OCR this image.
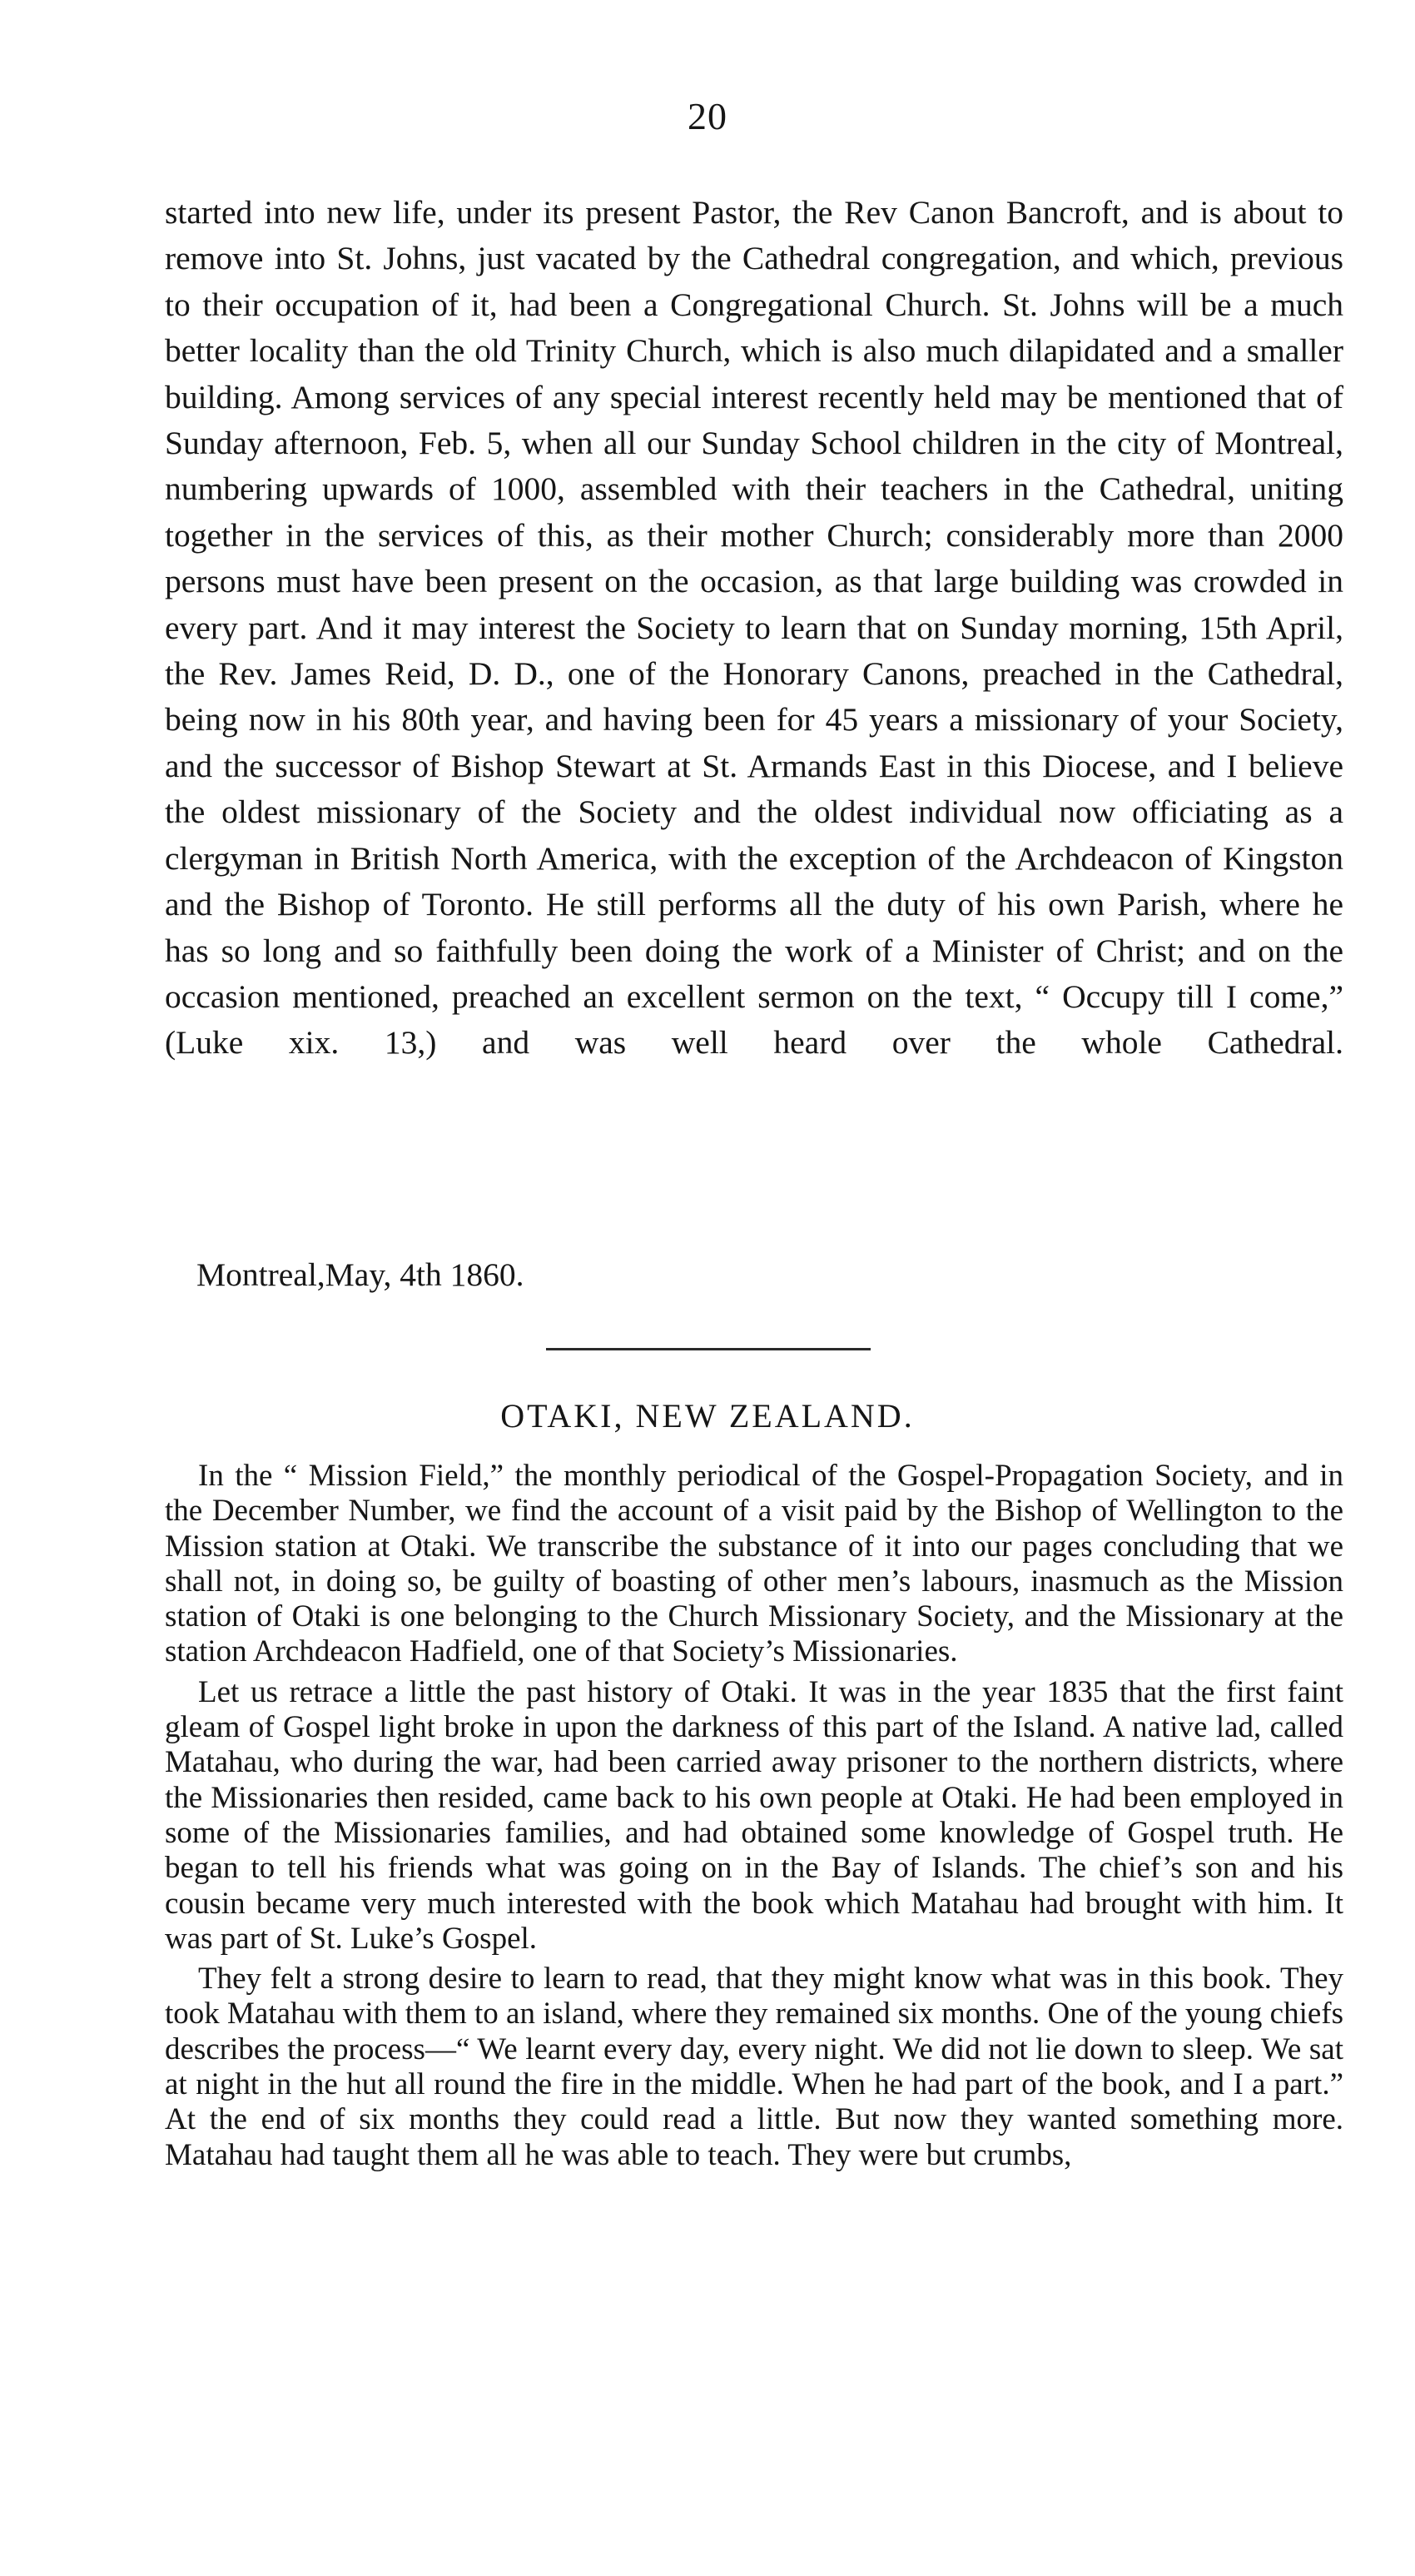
20
started into new life, under its present Pastor, the Rev Canon Bancroft, and is about to remove into St. Johns, just vacated by the Cathedral congregation, and which, previous to their occupation of it, had been a Congregational Church. St. Johns will be a much better locality than the old Trinity Church, which is also much dilapidated and a smaller building. Among services of any special interest recently held may be mentioned that of Sunday afternoon, Feb. 5, when all our Sunday School children in the city of Montreal, numbering upwards of 1000, assembled with their teachers in the Cathedral, uniting together in the services of this, as their mother Church; considerably more than 2000 persons must have been present on the occasion, as that large building was crowded in every part. And it may interest the Society to learn that on Sunday morning, 15th April, the Rev. James Reid, D. D., one of the Honorary Canons, preached in the Cathedral, being now in his 80th year, and having been for 45 years a missionary of your Society, and the successor of Bishop Stewart at St. Armands East in this Diocese, and I believe the oldest missionary of the Society and the oldest individual now officiating as a clergyman in British North America, with the exception of the Archdeacon of Kingston and the Bishop of Toronto. He still performs all the duty of his own Parish, where he has so long and so faithfully been doing the work of a Minister of Christ; and on the occasion mentioned, preached an excellent sermon on the text, “ Occupy till I come,” (Luke xix. 13,) and was well heard over the whole Cathedral.
Montreal,May, 4th 1860.
OTAKI, NEW ZEALAND.

In the “ Mission Field,” the monthly periodical of the Gospel-Propagation Society, and in the December Number, we find the account of a visit paid by the Bishop of Wellington to the Mission station at Otaki. We transcribe the substance of it into our pages concluding that we shall not, in doing so, be guilty of boasting of other men’s labours, inasmuch as the Mission station of Otaki is one belonging to the Church Missionary Society, and the Missionary at the station Archdeacon Hadfield, one of that Society’s Missionaries.

Let us retrace a little the past history of Otaki. It was in the year 1835 that the first faint gleam of Gospel light broke in upon the darkness of this part of the Island. A native lad, called Matahau, who during the war, had been carried away prisoner to the northern districts, where the Missionaries then resided, came back to his own people at Otaki. He had been employed in some of the Missionaries families, and had obtained some knowledge of Gospel truth. He began to tell his friends what was going on in the Bay of Islands. The chief’s son and his cousin became very much interested with the book which Matahau had brought with him. It was part of St. Luke’s Gospel.

They felt a strong desire to learn to read, that they might know what was in this book. They took Matahau with them to an island, where they remained six months. One of the young chiefs describes the process—“ We learnt every day, every night. We did not lie down to sleep. We sat at night in the hut all round the fire in the middle. When he had part of the book, and I a part.” At the end of six months they could read a little. But now they wanted something more. Matahau had taught them all he was able to teach. They were but crumbs,
